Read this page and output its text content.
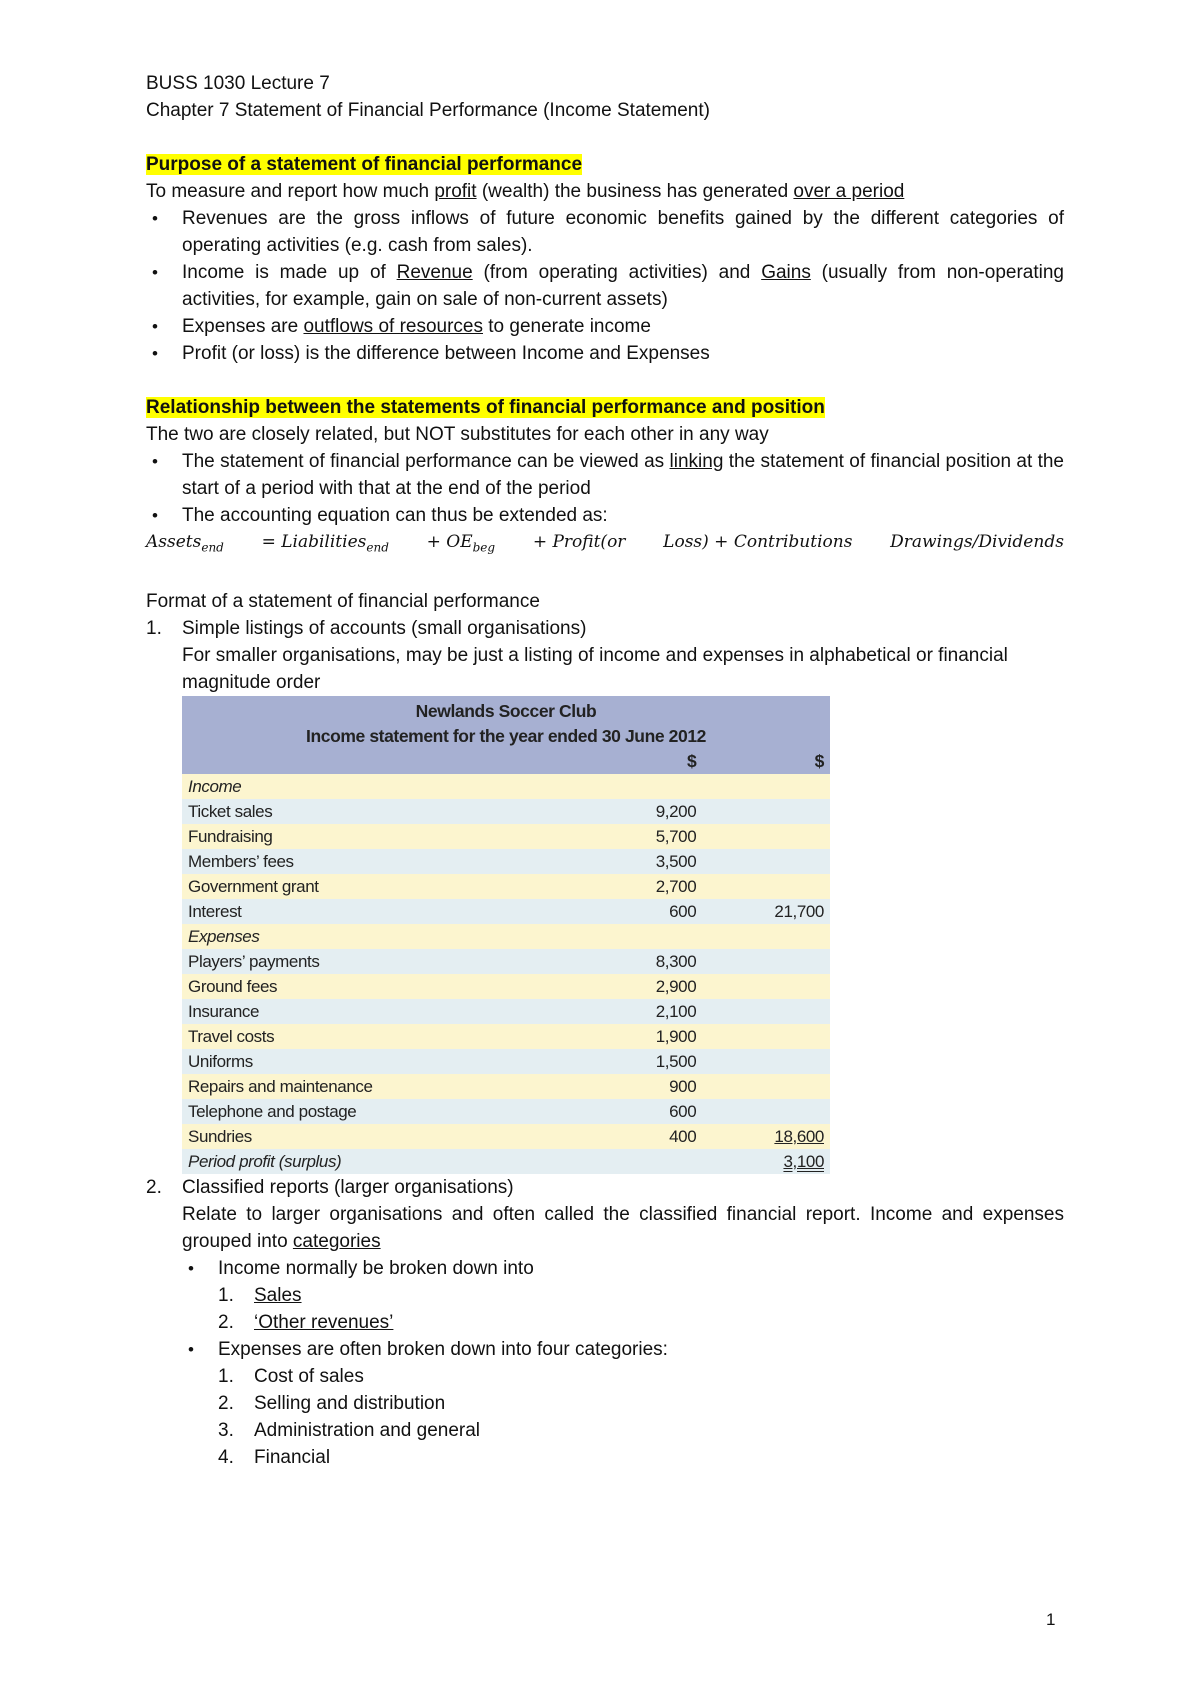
BUSS 1030 Lecture 7

Chapter 7 Statement of Financial Performance (Income Statement)

Purpose of a statement of financial performance

To measure and report how much profit (wealth) the business has generated over a period

• Revenues are the gross inflows of future economic benefits gained by the different categories of operating activities (e.g. cash from sales).
• Income is made up of Revenue (from operating activities) and Gains (usually from non-operating activities, for example, gain on sale of non-current assets)
• Expenses are outflows of resources to generate income
• Profit (or loss) is the difference between Income and Expenses

Relationship between the statements of financial performance and position

The two are closely related, but NOT substitutes for each other in any way

• The statement of financial performance can be viewed as linking the statement of financial position at the start of a period with that at the end of the period
• The accounting equation can thus be extended as:
Assets$_{end}$ = Liabilities$_{end}$ + $OE_{beg}$ + Profit(or Loss) + Contributions Drawings/Dividends

Format of a statement of financial performance

1.	Simple listings of accounts (small organisations)

For smaller organisations, may be just a listing of income and expenses in alphabetical or financial magnitude order

Newlands Soccer Club		
Income statement for the year ended 30 June 2012		
	$	$
Income		
Ticket sales	9,200	
Fundraising	5,700	
Members’ fees	3,500	
Government grant	2,700	
Interest	600	21,700
Expenses		
Players’ payments	8,300	
Ground fees	2,900	
Insurance	2,100	
Travel costs	1,900	
Uniforms	1,500	
Repairs and maintenance	900	
Telephone and postage	600	
Sundries	400	18,600
Period profit (surplus)		3,100
2.	Classified reports (larger organisations)

Relate to larger organisations and often called the classified financial report. Income and expenses grouped into categories

• Income normally be broken down into
1.	Sales
2.	‘Other revenues’
• Expenses are often broken down into four categories:
1.	Cost of sales
2.	Selling and distribution
3.	Administration and general
4.	Financial
1
